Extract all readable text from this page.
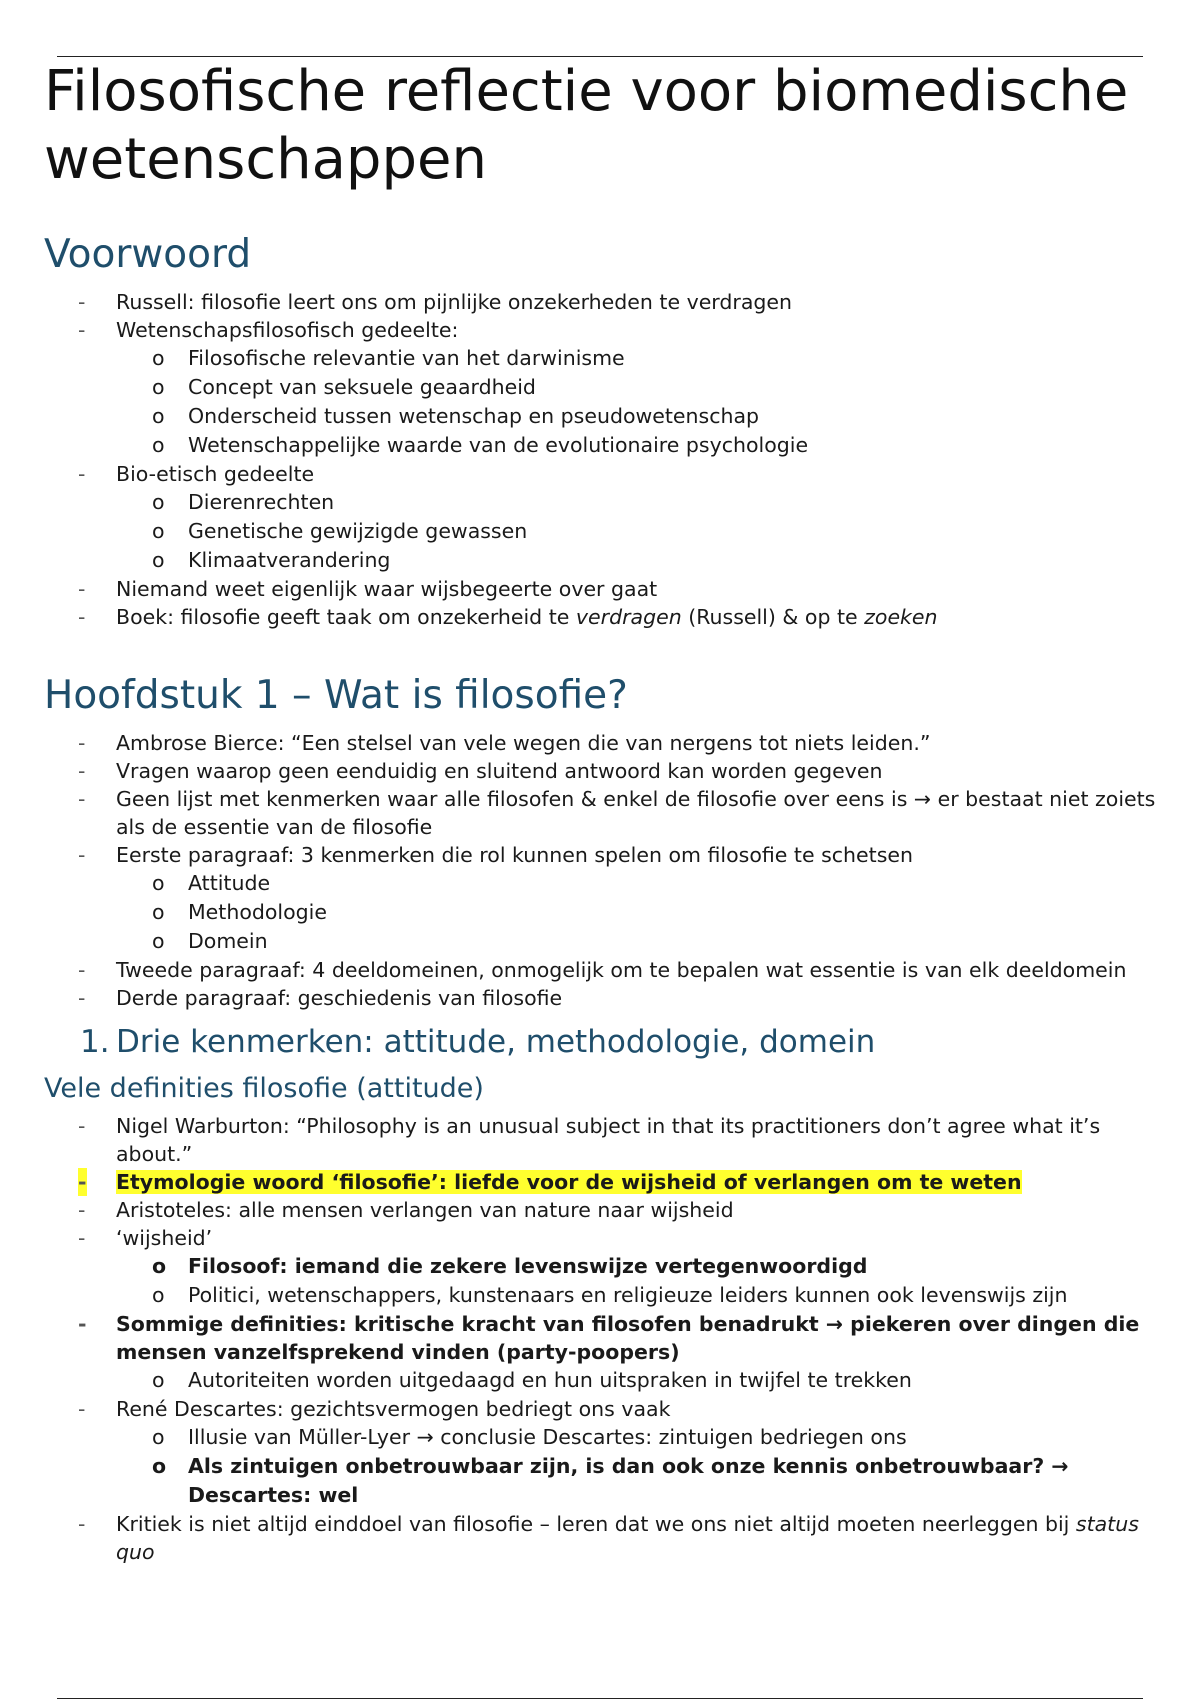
Filosofische reflectie voor biomedische wetenschappen
Voorwoord
- Russell: filosofie leert ons om pijnlijke onzekerheden te verdragen
- Wetenschapsfilosofisch gedeelte:
o Filosofische relevantie van het darwinisme
o Concept van seksuele geaardheid
o Onderscheid tussen wetenschap en pseudowetenschap
o Wetenschappelijke waarde van de evolutionaire psychologie
- Bio-etisch gedeelte
o Dierenrechten
o Genetische gewijzigde gewassen
o Klimaatverandering
- Niemand weet eigenlijk waar wijsbegeerte over gaat
- Boek: filosofie geeft taak om onzekerheid te verdragen (Russell) & op te zoeken
Hoofdstuk 1 – Wat is filosofie?
- Ambrose Bierce: “Een stelsel van vele wegen die van nergens tot niets leiden.”
- Vragen waarop geen eenduidig en sluitend antwoord kan worden gegeven
- Geen lijst met kenmerken waar alle filosofen & enkel de filosofie over eens is → er bestaat niet zoiets als de essentie van de filosofie
- Eerste paragraaf: 3 kenmerken die rol kunnen spelen om filosofie te schetsen
o Attitude
o Methodologie
o Domein
- Tweede paragraaf: 4 deeldomeinen, onmogelijk om te bepalen wat essentie is van elk deeldomein
- Derde paragraaf: geschiedenis van filosofie
1. Drie kenmerken: attitude, methodologie, domein
Vele definities filosofie (attitude)
- Nigel Warburton: “Philosophy is an unusual subject in that its practitioners don’t agree what it’s about.”
- Etymologie woord ‘filosofie’: liefde voor de wijsheid of verlangen om te weten
- Aristoteles: alle mensen verlangen van nature naar wijsheid
- ‘wijsheid’
o Filosoof: iemand die zekere levenswijze vertegenwoordigd
o Politici, wetenschappers, kunstenaars en religieuze leiders kunnen ook levenswijs zijn
- Sommige definities: kritische kracht van filosofen benadrukt → piekeren over dingen die mensen vanzelfsprekend vinden (party-poopers)
o Autoriteiten worden uitgedaagd en hun uitspraken in twijfel te trekken
- René Descartes: gezichtsvermogen bedriegt ons vaak
o Illusie van Müller-Lyer → conclusie Descartes: zintuigen bedriegen ons
o Als zintuigen onbetrouwbaar zijn, is dan ook onze kennis onbetrouwbaar? → Descartes: wel
- Kritiek is niet altijd einddoel van filosofie – leren dat we ons niet altijd moeten neerleggen bij status quo
